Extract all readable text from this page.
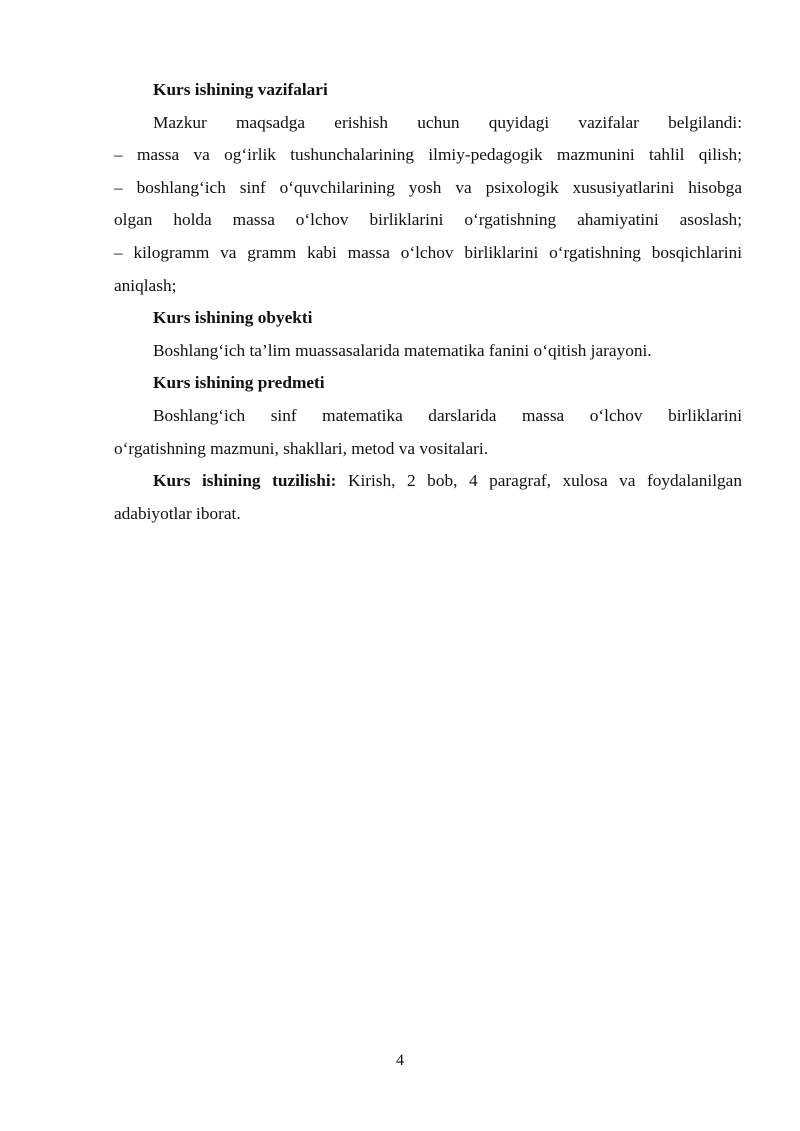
Kurs ishining vazifalari

Mazkur maqsadga erishish uchun quyidagi vazifalar belgilandi:
– massa va og‘irlik tushunchalarining ilmiy-pedagogik mazmunini tahlil qilish;
– boshlang‘ich sinf o‘quvchilarining yosh va psixologik xususiyatlarini hisobga
olgan holda massa o‘lchov birliklarini o‘rgatishning ahamiyatini asoslash;
– kilogramm va gramm kabi massa o‘lchov birliklarini o‘rgatishning bosqichlarini
aniqlash;

Kurs ishining obyekti

Boshlang‘ich ta’lim muassasalarida matematika fanini o‘qitish jarayoni.

Kurs ishining predmeti

Boshlang‘ich sinf matematika darslarida massa o‘lchov birliklarini
o‘rgatishning mazmuni, shakllari, metod va vositalari.
Kurs ishining tuzilishi: Kirish, 2 bob, 4 paragraf, xulosa va foydalanilgan
adabiyotlar iborat.
4
